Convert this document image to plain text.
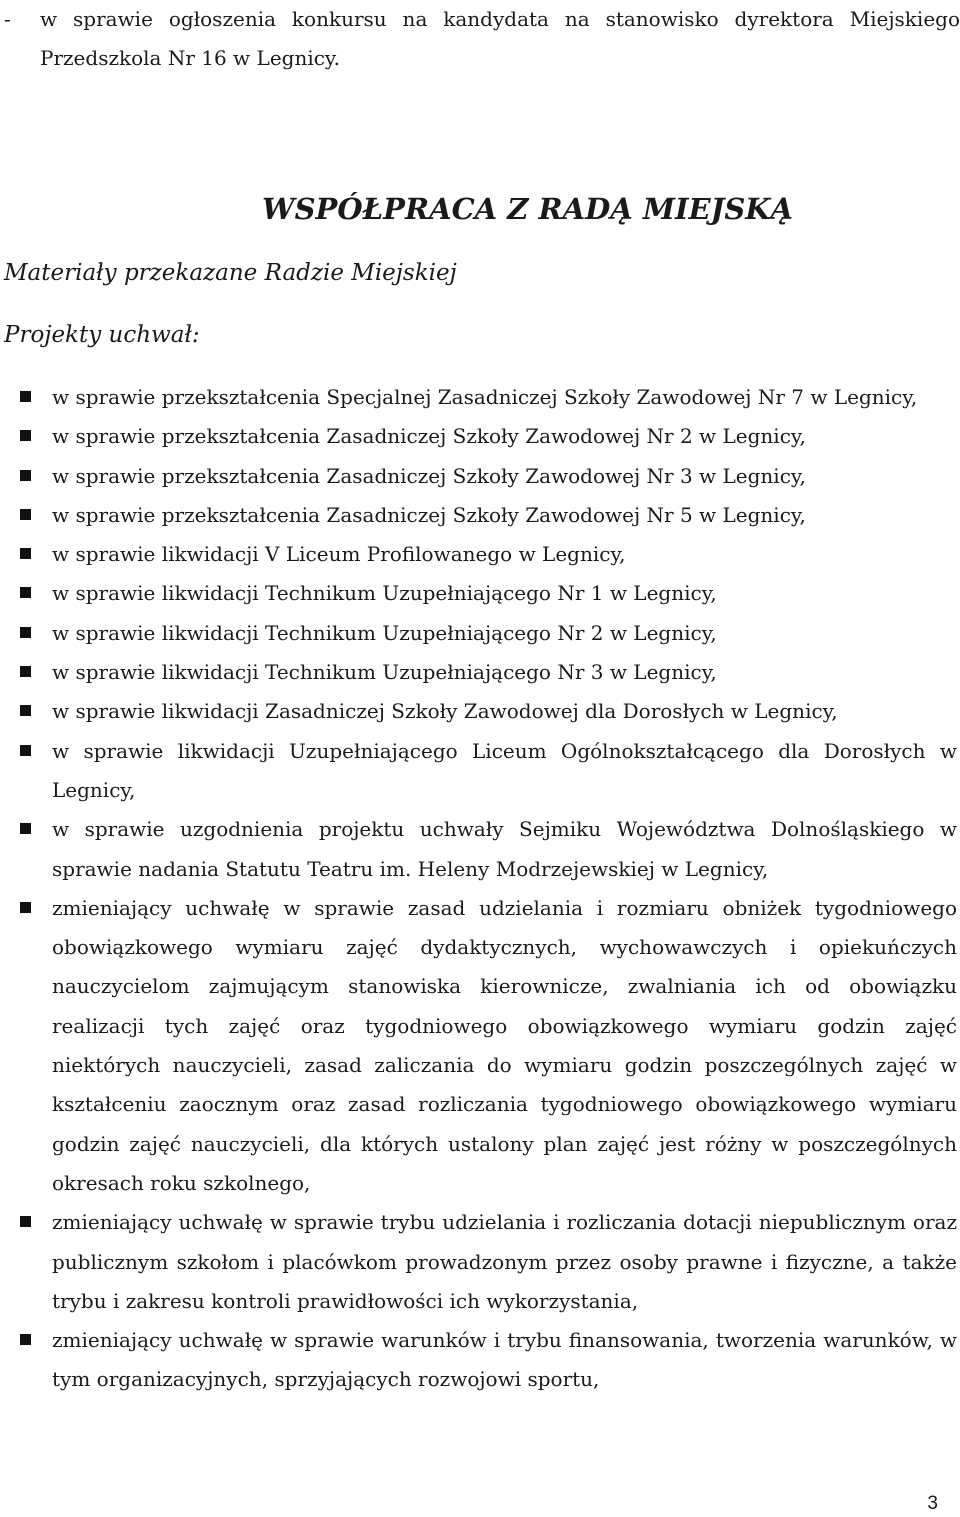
-	w sprawie ogłoszenia konkursu na kandydata na stanowisko dyrektora Miejskiego Przedszkola Nr 16 w Legnicy.
WSPÓŁPRACA Z RADĄ MIEJSKĄ
Materiały przekazane Radzie Miejskiej
Projekty uchwał:
w sprawie przekształcenia Specjalnej Zasadniczej Szkoły Zawodowej Nr 7 w Legnicy,
w sprawie przekształcenia Zasadniczej Szkoły Zawodowej Nr 2 w Legnicy,
w sprawie przekształcenia Zasadniczej Szkoły Zawodowej Nr 3 w Legnicy,
w sprawie przekształcenia Zasadniczej Szkoły Zawodowej Nr 5 w Legnicy,
w sprawie likwidacji V Liceum Profilowanego w Legnicy,
w sprawie likwidacji Technikum Uzupełniającego Nr 1 w Legnicy,
w sprawie likwidacji Technikum Uzupełniającego Nr 2 w Legnicy,
w sprawie likwidacji Technikum Uzupełniającego Nr 3 w Legnicy,
w sprawie likwidacji Zasadniczej Szkoły Zawodowej dla Dorosłych w Legnicy,
w sprawie likwidacji Uzupełniającego Liceum Ogólnokształcącego dla Dorosłych w Legnicy,
w sprawie uzgodnienia projektu uchwały Sejmiku Województwa Dolnośląskiego w sprawie nadania Statutu Teatru im. Heleny Modrzejewskiej w Legnicy,
zmieniający uchwałę w sprawie zasad udzielania i rozmiaru obniżek tygodniowego obowiązkowego wymiaru zajęć dydaktycznych, wychowawczych i opiekuńczych nauczycielom zajmującym stanowiska kierownicze, zwalniania ich od obowiązku realizacji tych zajęć oraz tygodniowego obowiązkowego wymiaru godzin zajęć niektórych nauczycieli, zasad zaliczania do wymiaru godzin poszczególnych zajęć w kształceniu zaocznym oraz zasad rozliczania tygodniowego obowiązkowego wymiaru godzin zajęć nauczycieli, dla których ustalony plan zajęć jest różny w poszczególnych okresach roku szkolnego,
zmieniający uchwałę w sprawie trybu udzielania i rozliczania dotacji niepublicznym oraz publicznym szkołom i placówkom prowadzonym przez osoby prawne i fizyczne, a także trybu i zakresu kontroli prawidłowości ich wykorzystania,
zmieniający uchwałę w sprawie warunków i trybu finansowania, tworzenia warunków, w tym organizacyjnych, sprzyjających rozwojowi sportu,
3
